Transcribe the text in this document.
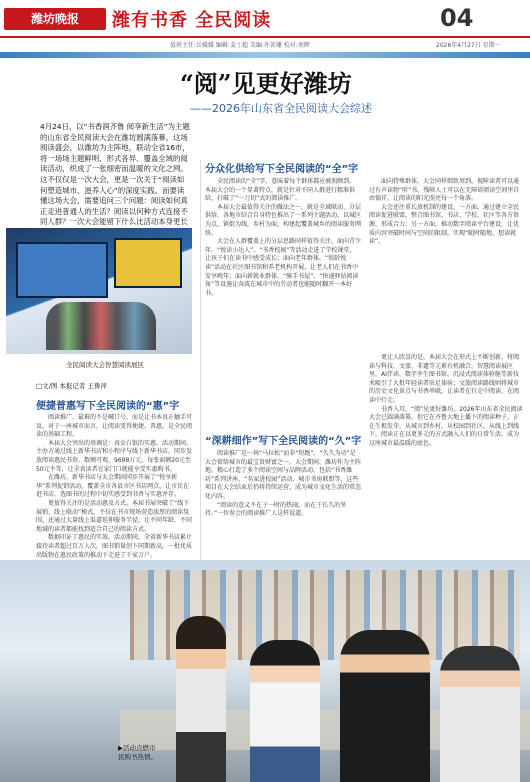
潍坊晚报	潍有书香 全民阅读	04
值班主任:岳媛媛 编辑:姜士超 美编:许茗珊 校对:刘辉	2026年4月27日 星期一
“阅”见更好潍坊
——2026年山东省全民阅读大会综述

4月24日，以“书香润齐鲁 阅享新生活”为主题的山东省全民阅读大会在潍坊圆满落幕。这场阅读盛会，以潍坊为主阵地，联动全省16市，将一场场主题鲜明、形式各异、覆盖全域的阅读活动，织成了一张细密而温暖的文化之网。

这不仅仅是一次大会，更是一次关于“阅读如何塑造城市、滋养人心”的深度实践。而要读懂这场大会，需要追问三个问题：阅读如何真正走进普通人的生活？阅读以何种方式连接不同人群？一次大会能留下什么比活动本身更长

全民阅读大会智慧阅读展区
□文/图 本报记者 王鲁萍
便捷普惠写下全民阅读的“惠”字

阅读推广，最难的不是喊口号，而是让书本真正触手可及。对于一座城市而言，让阅读变得便捷、普惠，是全民阅读的基础工程。

本届大会突出的基调是：真金白银的实惠。活动期间，主办方通过线上新华书店和小程序与线下新华书店，同步发放阅读惠民书券，数额可观，9698万元，每张面额20元至50元不等，让全省读者在家门口就能享受实惠购书。

在潍坊，新华书店与大会期间同步开展了“悦享新华”系列促销活动，覆盖全市各县市区书店网点，让市民在逛书店、选图书的过程中切实感受到书香与实惠并存。

更值得关注的是活动惠及方式。本届书展突破了“线下展销、线上联动”模式，不仅在书市现场营造浓厚的阅读氛围，还通过大量线上渠道延伸服务半径，让不同年龄、不同地域的读者都能找到适合自己的阅读方式。

数据印证了惠民的实效。活动期间，全省新华书店累计接待读者超过百万人次，图书销量创下同期新高，一批优质出版物在惠民政策的推动下走进了千家万户。

分众化供给写下全民阅读的“全”字

全民阅读的“全”字，意味着每个群体都应被照顾到。本届大会的一个显著特点，就是针对不同人群进行精准供给，打破了“一刀切”式的阅读推广。

本届大会最值得关注的做法之一，就是全域联动、分层供给。各地市结合自身特色推出了一系列主题活动，以城区为点，镇街为线，乡村为面，构建起覆盖城乡的阅读服务网络。

大会在人群覆盖上的分层思路同样值得关注。面向青少年，“悦读小达人”、“书香校园”等活动走进了学校课堂，让孩子们在读书中感受成长；面向老年群体，“银龄悦读”活动在社区图书馆和养老机构开展，让老人们在书香中安享晚年；面向新就业群体，“骑手书屋”、“快递驿站阅读角”等设施让奔波在城市中的劳动者也能随时翻开一本好书。

面向特殊群体，大会同样细致周到。视障读者可以通过有声读物“听”书，残障人士可以在无障碍阅读空间里自由徜徉，让阅读的阳光照亮每一个角落。

大会还注重长效机制的建设。一方面，通过建立全民阅读促进联盟，整合图书馆、书店、学校、社区等各方资源，形成合力；另一方面，推动数字阅读平台建设，让优质内容突破时间与空间的限制，实现“随时随地、想读就读”。

“深耕细作”写下全民阅读的“久”字

阅读推广是一场“马拉松”而非“短跑”。“久久为功”是大会留给城市的最宝贵财富之一。大会期间，潍坊作为主阵地，精心打造了多个阅读空间与品牌活动，包括“书香潍坊”系列讲座、“名家进校园”活动、城市书房联盟等，这些项目在大会结束后仍将持续运营，成为城市文化生活的常态化内容。

“阅读的意义不在于一时的热闹，而在于长久的坚持。”一位参会的阅读推广人这样说道。

更让人欣喜的是，本届大会在形式上不断创新，将阅读与科技、文旅、非遗等元素有机融合。智慧阅读展区里，AI伴读、数字孪生图书馆、沉浸式阅读体验舱等新技术吸引了大批年轻读者驻足体验；文旅阅读路线则将城市的历史文化景点与书香串联，让读者在行走中阅读、在阅读中行走。

书香入耳，“阅”见更好潍坊。2026年山东省全民阅读大会已圆满落幕，但它在齐鲁大地上播下的阅读种子，正在生根发芽。从城市到乡村，从校园到社区，从线上到线下，阅读正在以更多元的方式融入人们的日常生活，成为这座城市最温暖的底色。

▶活动点燃市民购书热情。
